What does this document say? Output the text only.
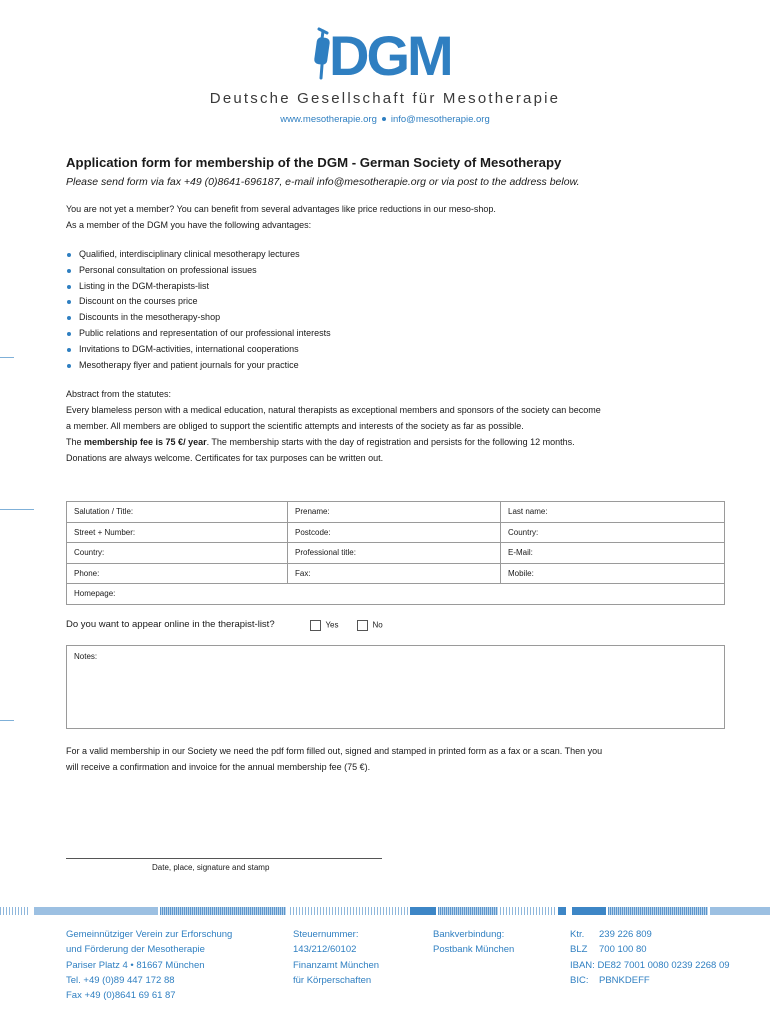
DGM
Deutsche Gesellschaft für Mesotherapie
www.mesotherapie.org info@mesotherapie.org
Application form for membership of the DGM - German Society of Mesotherapy
Please send form via fax +49 (0)8641-696187, e-mail info@mesotherapie.org or via post to the address below.
You are not yet a member? You can benefit from several advantages like price reductions in our meso-shop.
As a member of the DGM you have the following advantages:
Qualified, interdisciplinary clinical mesotherapy lectures
Personal consultation on professional issues
Listing in the DGM-therapists-list
Discount on the courses price
Discounts in the mesotherapy-shop
Public relations and representation of our professional interests
Invitations to DGM-activities, international cooperations
Mesotherapy flyer and patient journals for your practice
Abstract from the statutes:
Every blameless person with a medical education, natural therapists as exceptional members and sponsors of the society can become
a member. All members are obliged to support the scientific attempts and interests of the society as far as possible.
The membership fee is 75 €/ year. The membership starts with the day of registration and persists for the following 12 months.
Donations are always welcome. Certificates for tax purposes can be written out.
Salutation / Title:	Prename:	Last name:
Street + Number:	Postcode:	Country:
Country:	Professional title:	E-Mail:
Phone:	Fax:	Mobile:
Homepage:		
Do you want to appear online in the therapist-list?	Yes	No
Notes:
For a valid membership in our Society we need the pdf form filled out, signed and stamped in printed form as a fax or a scan. Then you
will receive a confirmation and invoice for the annual membership fee (75 €).
Date, place, signature and stamp
Gemeinnütziger Verein zur Erforschung
und Förderung der Mesotherapie
Pariser Platz 4 • 81667 München
Tel. +49 (0)89 447 172 88
Fax +49 (0)8641 69 61 87
Steuernummer:
143/212/60102
Finanzamt München
für Körperschaften
Bankverbindung:
Postbank München
Ktr. 239 226 809
BLZ 700 100 80
IBAN: DE82 7001 0080 0239 2268 09
BIC: PBNKDEFF
